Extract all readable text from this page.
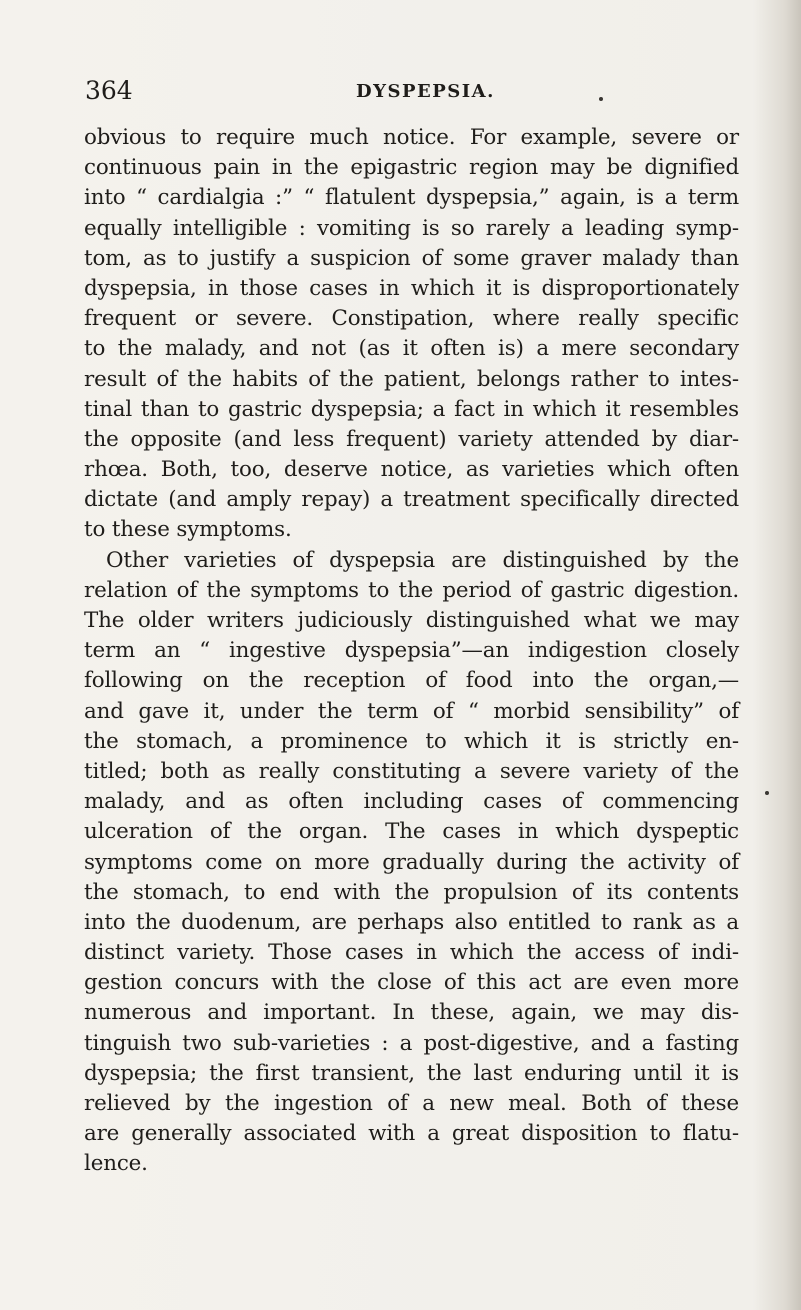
364	DYSPEPSIA.
obvious to require much notice. For example, severe or
continuous pain in the epigastric region may be dignified
into “ cardialgia :” “ flatulent dyspepsia,” again, is a term
equally intelligible : vomiting is so rarely a leading symp-
tom, as to justify a suspicion of some graver malady than
dyspepsia, in those cases in which it is disproportionately
frequent or severe. Constipation, where really specific
to the malady, and not (as it often is) a mere secondary
result of the habits of the patient, belongs rather to intes-
tinal than to gastric dyspepsia; a fact in which it resembles
the opposite (and less frequent) variety attended by diar-
rhœa. Both, too, deserve notice, as varieties which often
dictate (and amply repay) a treatment specifically directed
to these symptoms.
Other varieties of dyspepsia are distinguished by the
relation of the symptoms to the period of gastric digestion.
The older writers judiciously distinguished what we may
term an “ ingestive dyspepsia”—an indigestion closely
following on the reception of food into the organ,—
and gave it, under the term of “ morbid sensibility” of
the stomach, a prominence to which it is strictly en-
titled; both as really constituting a severe variety of the
malady, and as often including cases of commencing
ulceration of the organ. The cases in which dyspeptic
symptoms come on more gradually during the activity of
the stomach, to end with the propulsion of its contents
into the duodenum, are perhaps also entitled to rank as a
distinct variety. Those cases in which the access of indi-
gestion concurs with the close of this act are even more
numerous and important. In these, again, we may dis-
tinguish two sub-varieties : a post-digestive, and a fasting
dyspepsia; the first transient, the last enduring until it is
relieved by the ingestion of a new meal. Both of these
are generally associated with a great disposition to flatu-
lence.
